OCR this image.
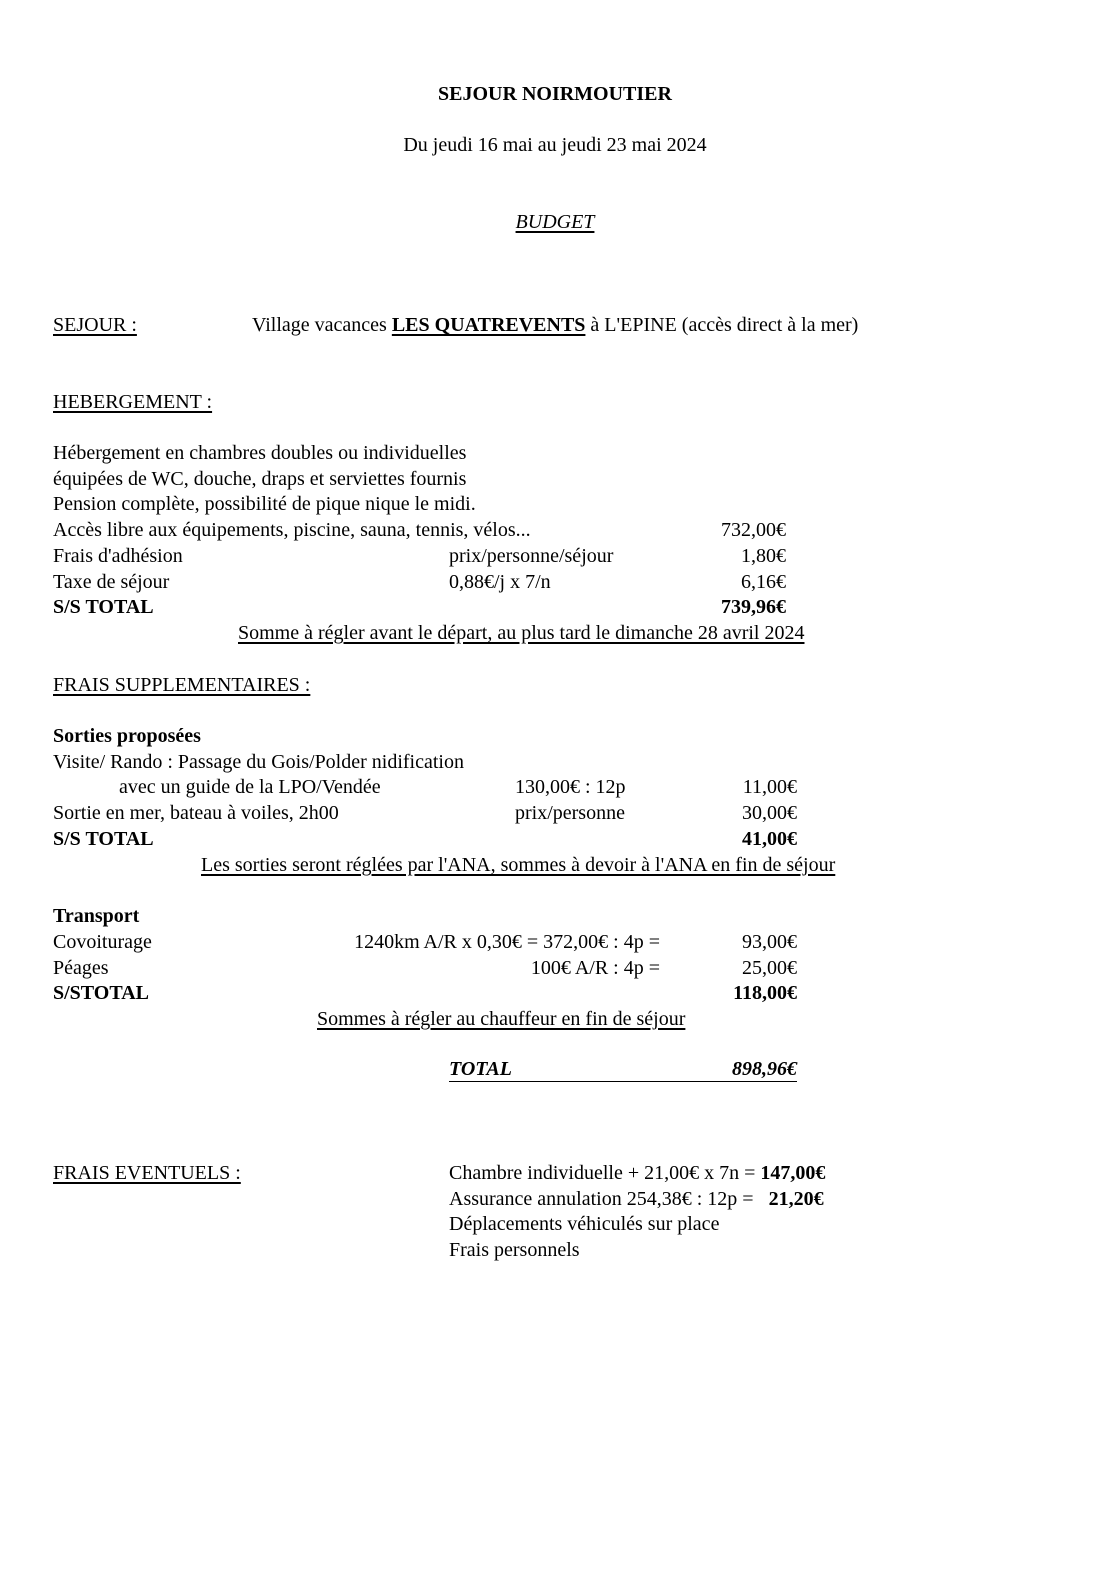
SEJOUR NOIRMOUTIER
Du jeudi 16 mai au jeudi 23 mai 2024
BUDGET
SEJOUR :	Village vacances LES QUATREVENTS à L'EPINE (accès direct à la mer)
HEBERGEMENT :
Hébergement en chambres doubles ou individuelles
équipées de WC, douche, draps et serviettes fournis
Pension complète, possibilité de pique nique le midi.
Accès libre aux équipements, piscine, sauna, tennis, vélos...	732,00€
Frais d'adhésion	prix/personne/séjour	1,80€
Taxe de séjour	0,88€/j x 7/n	6,16€
S/S TOTAL	739,96€
Somme à régler avant le départ, au plus tard le dimanche 28 avril 2024
FRAIS SUPPLEMENTAIRES :
Sorties proposées
Visite/ Rando : Passage du Gois/Polder nidification
avec un guide de la LPO/Vendée	130,00€ : 12p	11,00€
Sortie en mer, bateau à voiles, 2h00	prix/personne	30,00€
S/S TOTAL	41,00€
Les sorties seront réglées par l'ANA, sommes à devoir à l'ANA en fin de séjour
Transport
Covoiturage	1240km A/R x 0,30€ = 372,00€ : 4p =	93,00€
Péages	100€ A/R : 4p =	25,00€
S/STOTAL	118,00€
Sommes à régler au chauffeur en fin de séjour
TOTAL	898,96€
FRAIS EVENTUELS :	Chambre individuelle + 21,00€ x 7n = 147,00€
Assurance annulation 254,38€ : 12p = 21,20€
Déplacements véhiculés sur place
Frais personnels
